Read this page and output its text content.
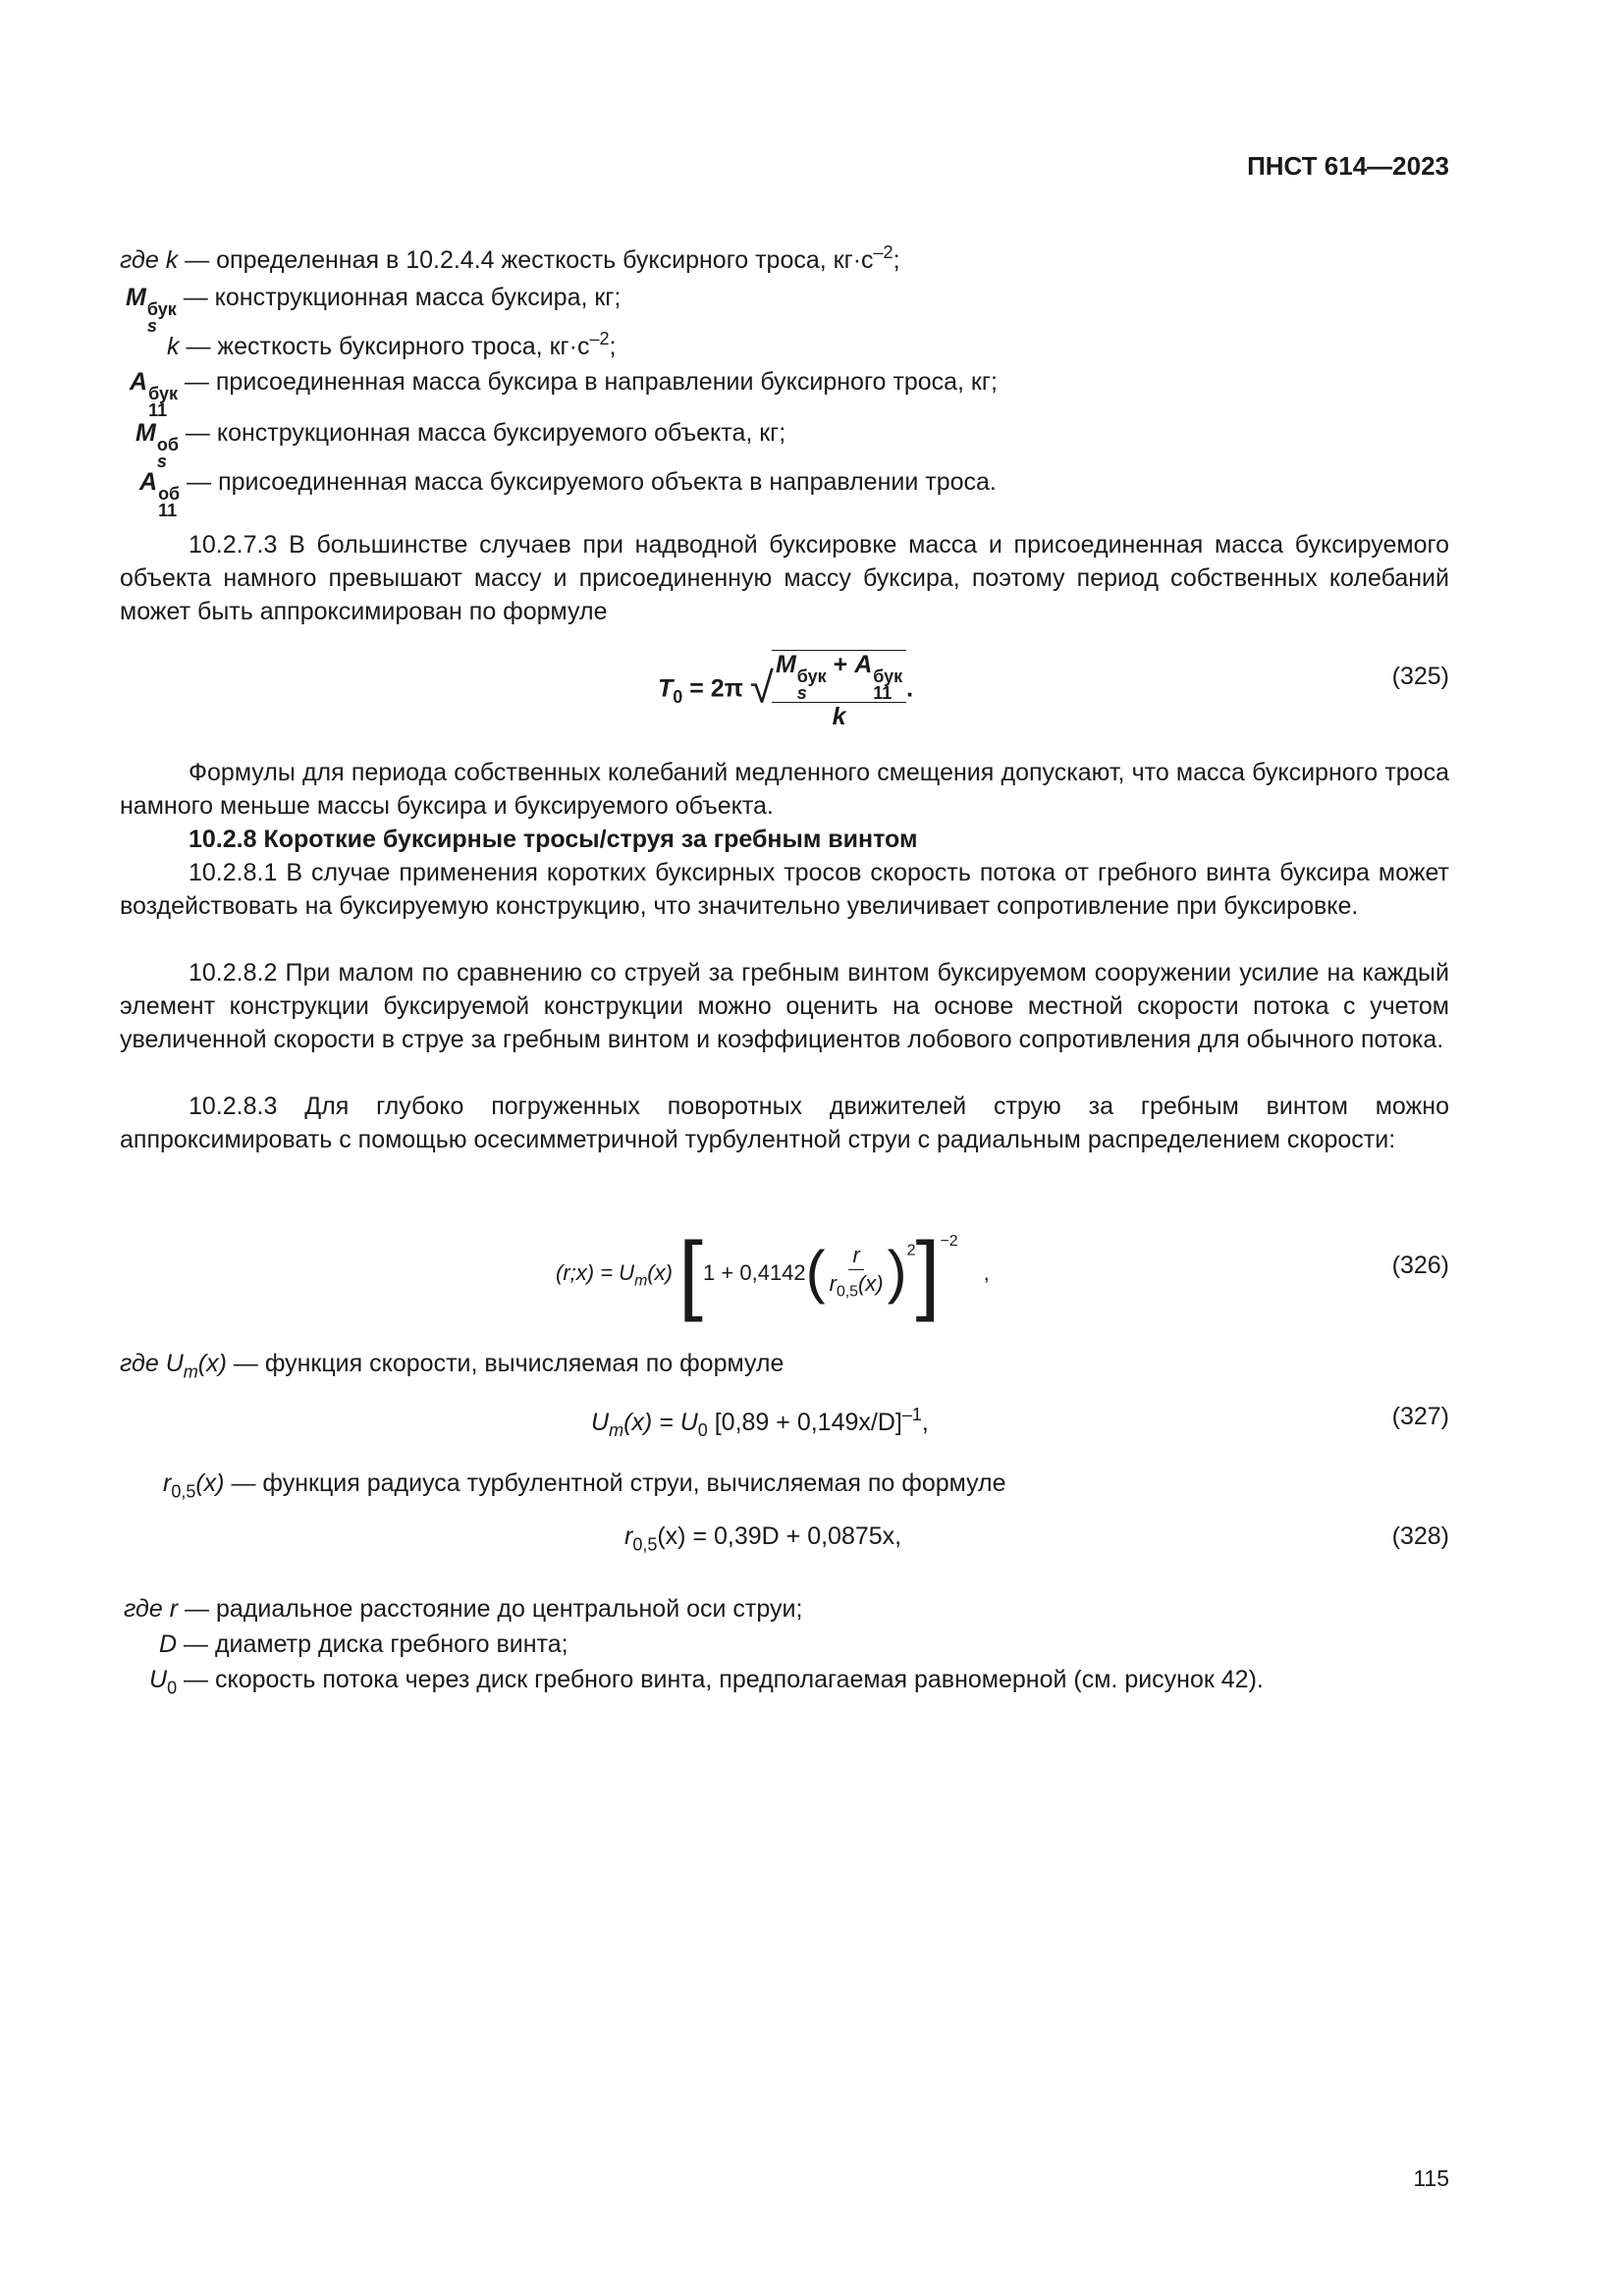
ПНСТ 614—2023
где k — определенная в 10.2.4.4 жесткость буксирного троса, $кг\cdot с^{-2}$;
M бук
s
— конструкционная масса буксира, кг;
k — жесткость буксирного троса, $кг\cdot с^{-2}$;
A бук
11
— присоединенная масса буксира в направлении буксирного троса, кг;
M об
s
— конструкционная масса буксируемого объекта, кг;
A об
11
— присоединенная масса буксируемого объекта в направлении троса.
10.2.7.3 В большинстве случаев при надводной буксировке масса и присоединенная масса буксируемого объекта намного превышают массу и присоединенную массу буксира, поэтому период собственных колебаний может быть аппроксимирован по формуле
$T_0 = 2\pi$ √
M бук
s
+ A бук
11
k .	(325)
Формулы для периода собственных колебаний медленного смещения допускают, что масса буксирного троса намного меньше массы буксира и буксируемого объекта.
10.2.8 Короткие буксирные тросы/струя за гребным винтом
10.2.8.1 В случае применения коротких буксирных тросов скорость потока от гребного винта буксира может воздействовать на буксируемую конструкцию, что значительно увеличивает сопротивление при буксировке.
10.2.8.2 При малом по сравнению со струей за гребным винтом буксируемом сооружении усилие на каждый элемент конструкции буксируемой конструкции можно оценить на основе местной скорости потока с учетом увеличенной скорости в струе за гребным винтом и коэффициентов лобового сопротивления для обычного потока.
10.2.8.3 Для глубоко погруженных поворотных движителей струю за гребным винтом можно аппроксимировать с помощью осесимметричной турбулентной струи с радиальным распределением скорости:
(r;x) = $U_m(x) [1 + 0,4142( \frac{r}{r_{0,5}(x)} )^2]^{-2}$ ,	(326)
где $U_m(x)$ — функция скорости, вычисляемая по формуле
$U_m(x) = U_0$ $[0,89 + 0,149x/D]^{-1}$,	(327)
$r_{0,5}(x)$ — функция радиуса турбулентной струи, вычисляемая по формуле
$r_{0,5}(x) = 0,39D + 0,0875x$,	(328)
где r — радиальное расстояние до центральной оси струи;
D — диаметр диска гребного винта;
$U_0$ — скорость потока через диск гребного винта, предполагаемая равномерной (см. рисунок 42).
115
